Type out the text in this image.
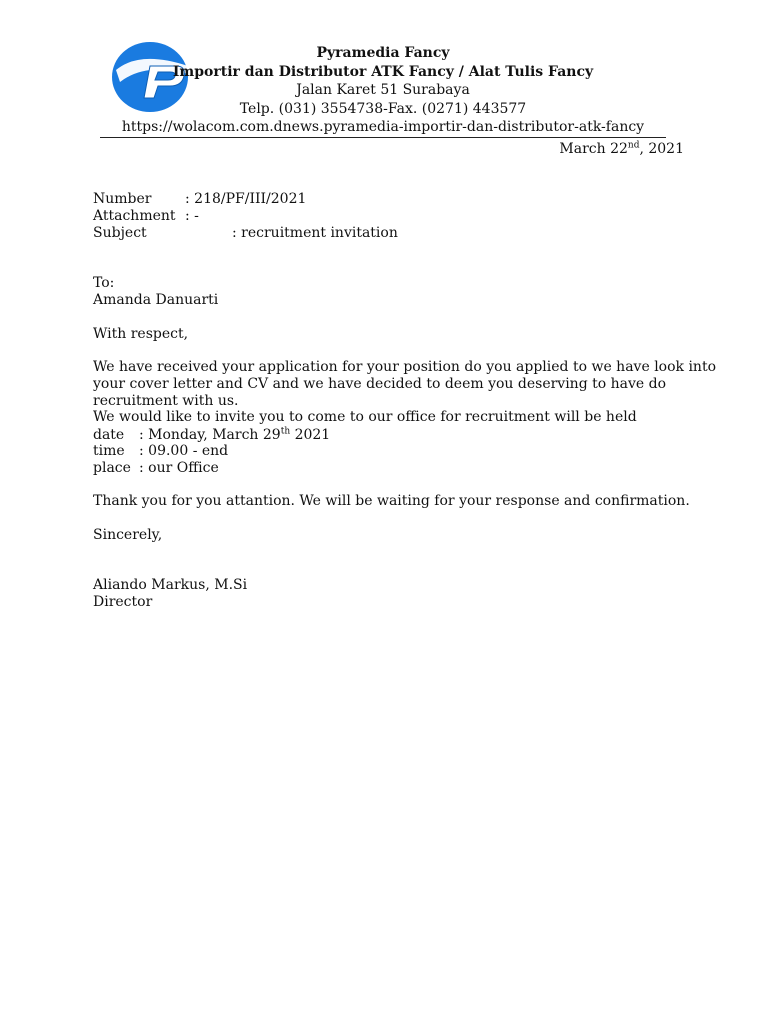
Pyramedia Fancy
Importir dan Distributor ATK Fancy / Alat Tulis Fancy
Jalan Karet 51 Surabaya
Telp. (031) 3554738-Fax. (0271) 443577
https://wolacom.com.dnews.pyramedia-importir-dan-distributor-atk-fancy
March 22nd, 2021
Number : 218/PF/III/2021
Attachment : -
Subject	: recruitment invitation
To:
Amanda Danuarti
With respect,
We have received your application for your position do you applied to we have look into your cover letter and CV and we have decided to deem you deserving to have do recruitment with us.
We would like to invite you to come to our office for recruitment will be held
date : Monday, March 29th 2021
time : 09.00 - end
place : our Office
Thank you for you attantion. We will be waiting for your response and confirmation.
Sincerely,
Aliando Markus, M.Si
Director
